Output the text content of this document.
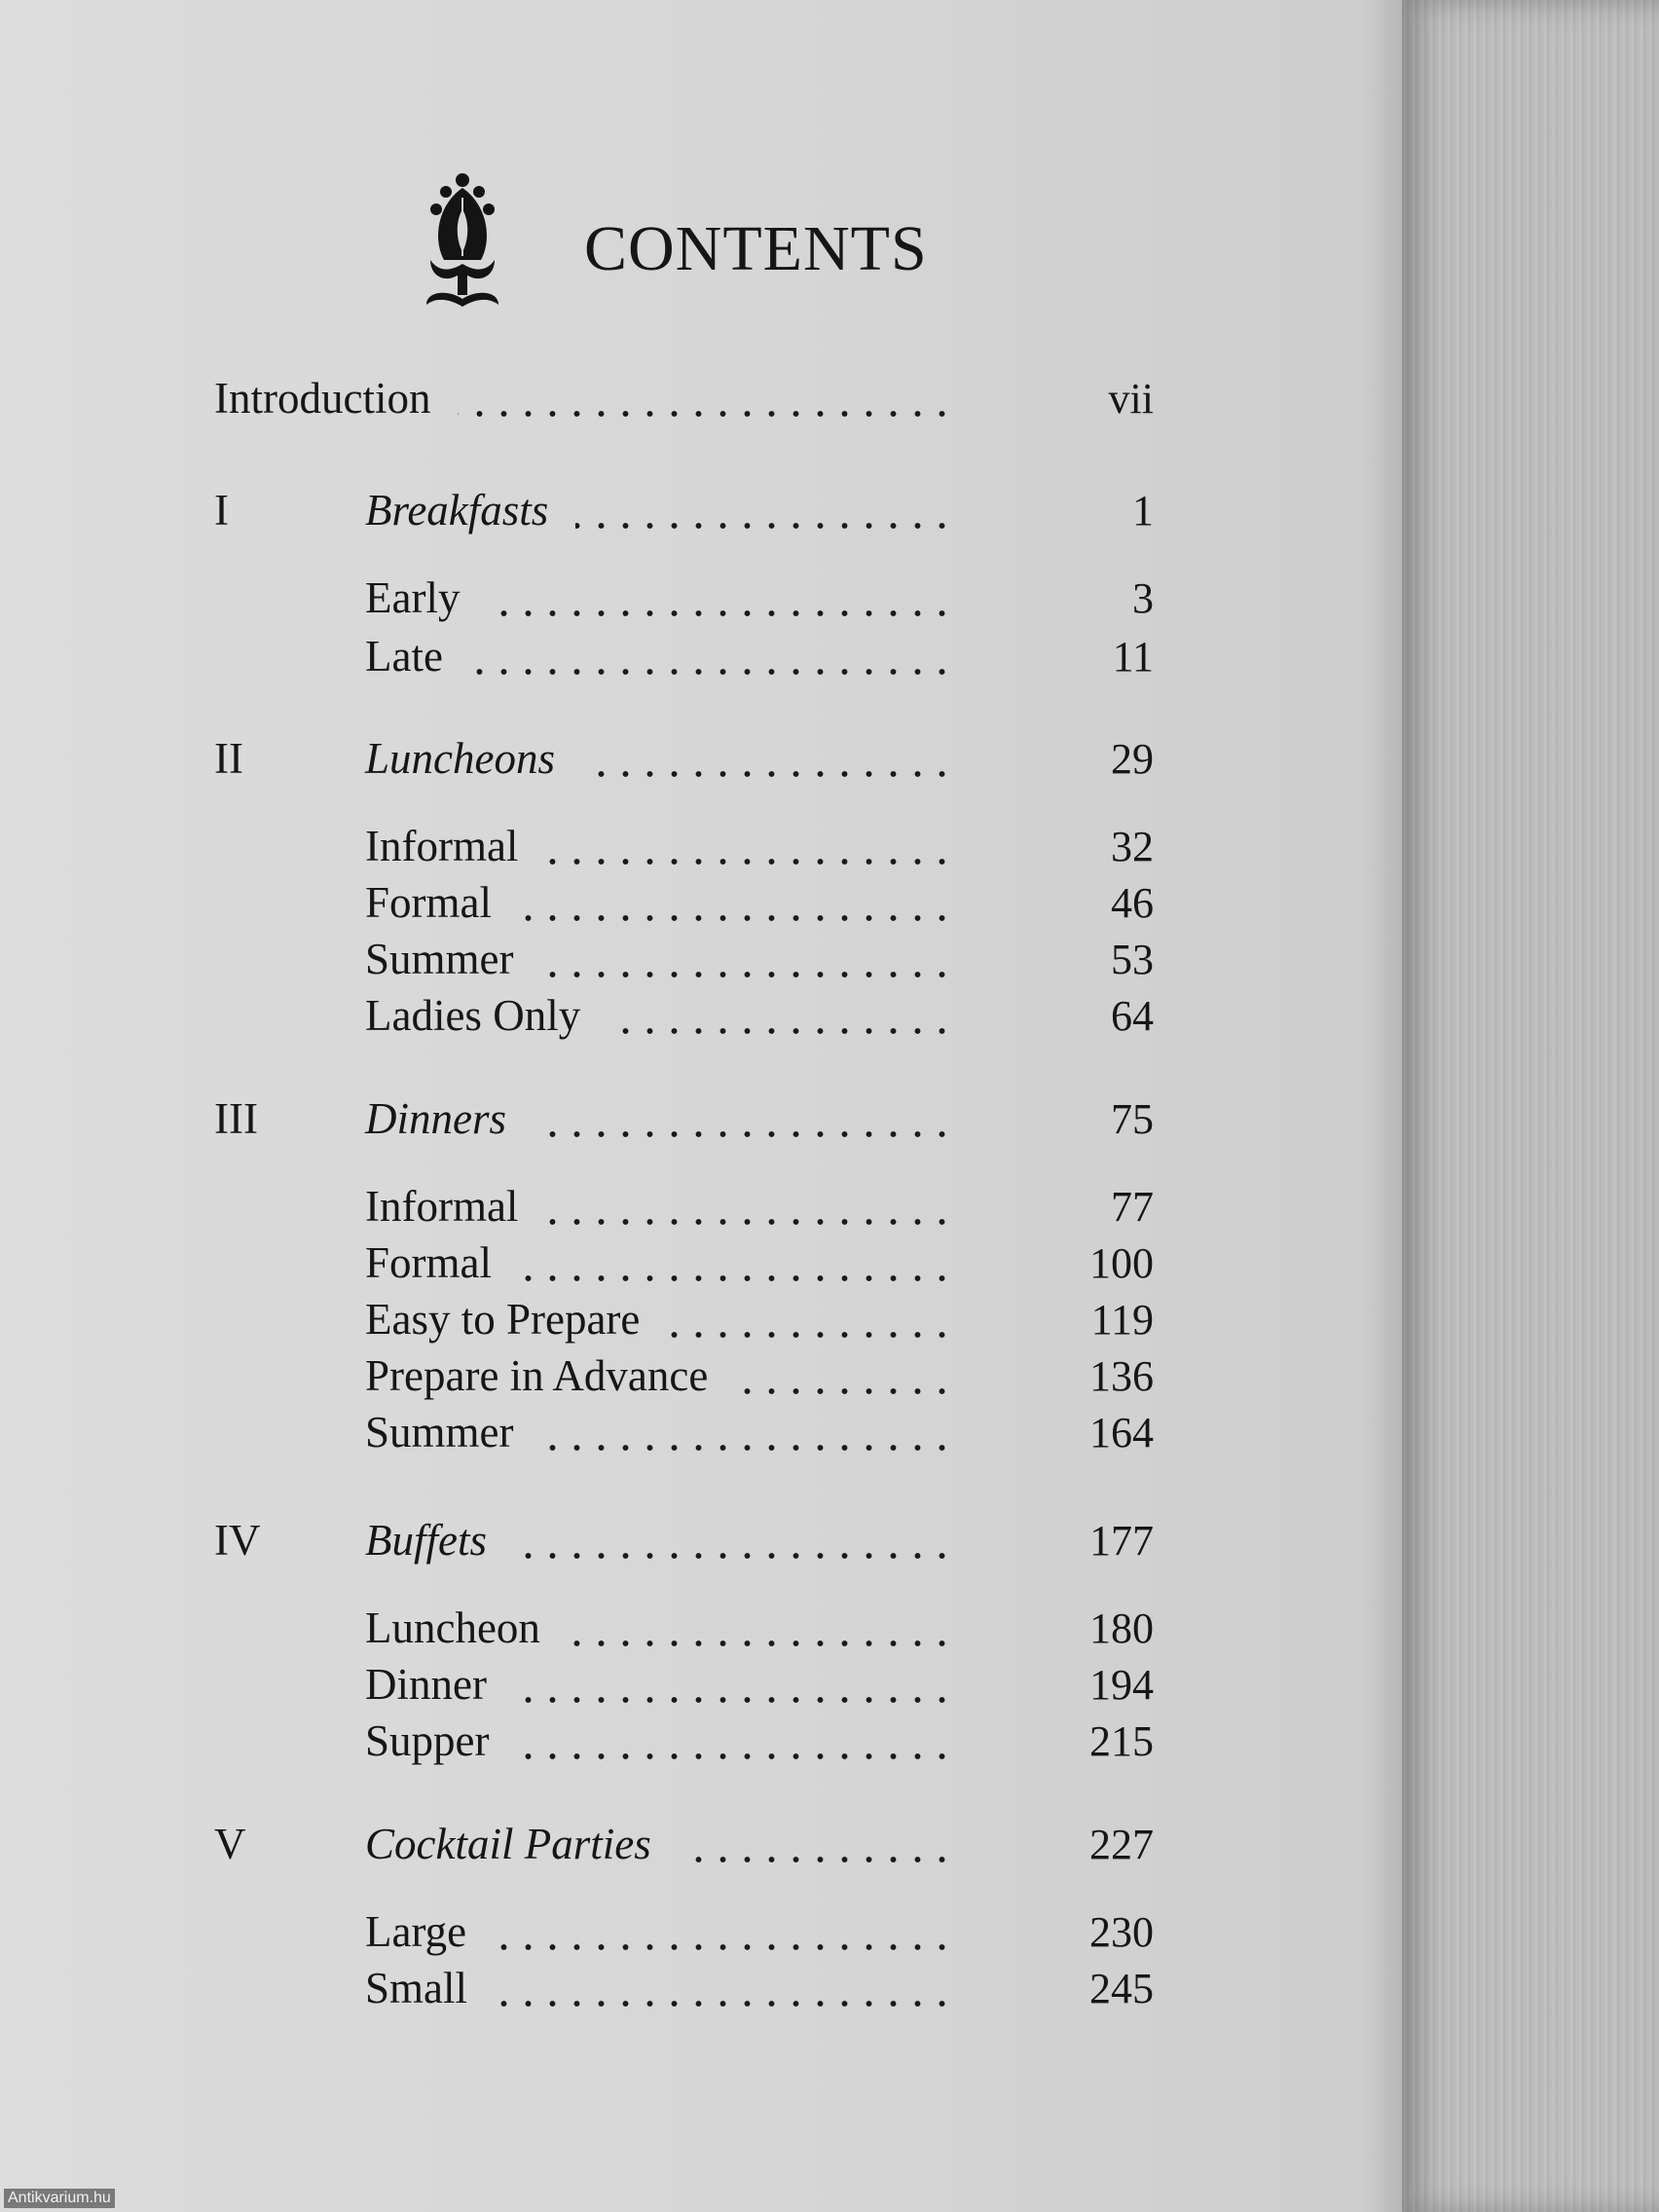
CONTENTS
Introduction	vii
I	Breakfasts	1
Early	3
Late	11
II	Luncheons	29
Informal	32
Formal	46
Summer	53
Ladies Only	64
III Dinners	75
Informal	77
Formal	100
Easy to Prepare	119
Prepare in Advance	136
Summer	164
IV Buffets	177
Luncheon	180
Dinner	194
Supper	215
V	Cocktail Parties	227
Large	230
Small	245
Antikvarium.hu
